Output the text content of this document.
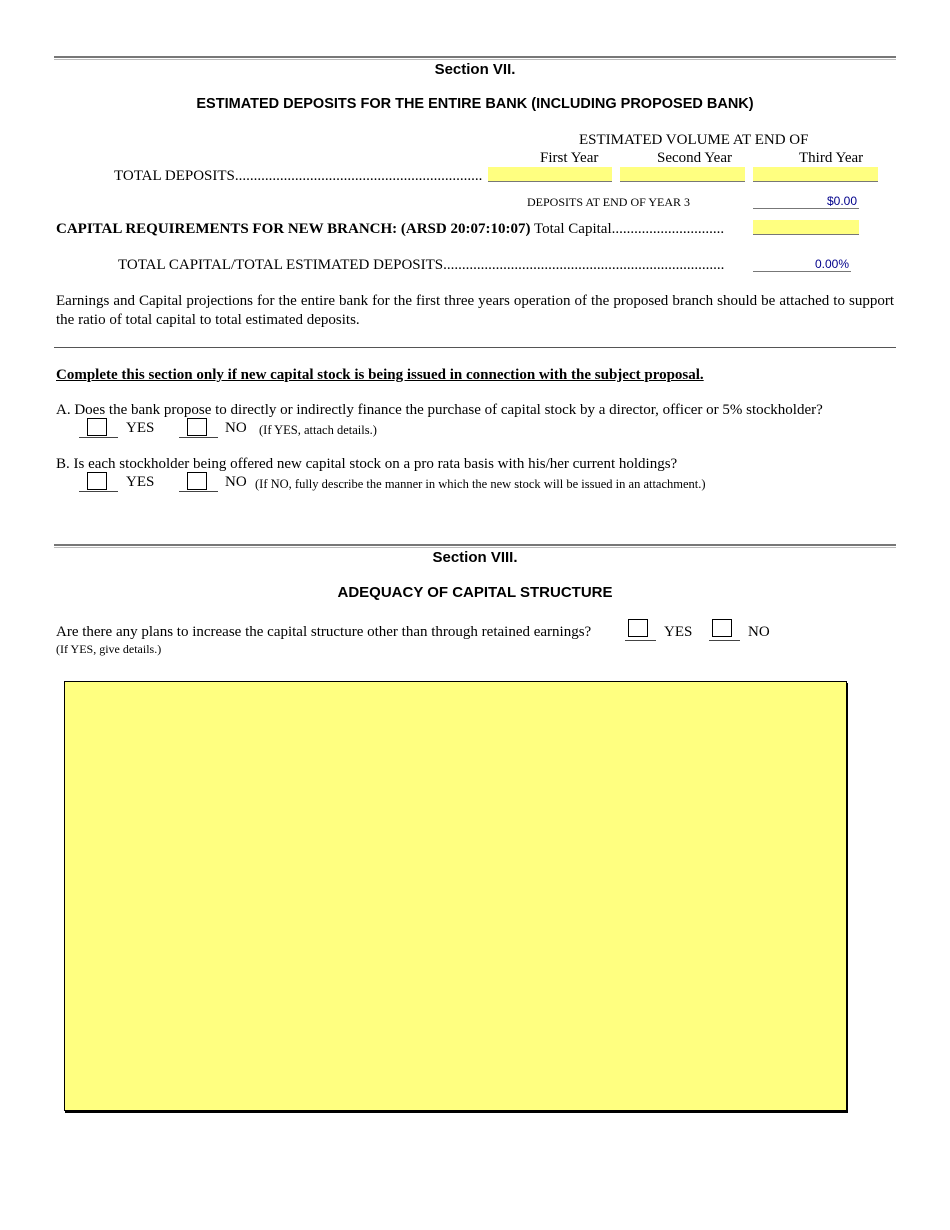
Section VII.
ESTIMATED DEPOSITS FOR THE ENTIRE BANK (INCLUDING PROPOSED BANK)
ESTIMATED VOLUME AT END OF
First Year	Second Year	Third Year
TOTAL DEPOSITS..................................................................
DEPOSITS AT END OF YEAR 3	$0.00
CAPITAL REQUIREMENTS FOR NEW BRANCH: (ARSD 20:07:10:07) Total Capital..............................
TOTAL CAPITAL/TOTAL ESTIMATED DEPOSITS...........................................................................	0.00%
Earnings and Capital projections for the entire bank for the first three years operation of the proposed branch should be attached to support the ratio of total capital to total estimated deposits.
Complete this section only if new capital stock is being issued in connection with the subject proposal.
A. Does the bank propose to directly or indirectly finance the purchase of capital stock by a director, officer or 5% stockholder?
YES	NO (If YES, attach details.)
B. Is each stockholder being offered new capital stock on a pro rata basis with his/her current holdings?
YES	NO (If NO, fully describe the manner in which the new stock will be issued in an attachment.)
Section VIII.
ADEQUACY OF CAPITAL STRUCTURE
Are there any plans to increase the capital structure other than through retained earnings?	YES	NO
(If YES, give details.)
